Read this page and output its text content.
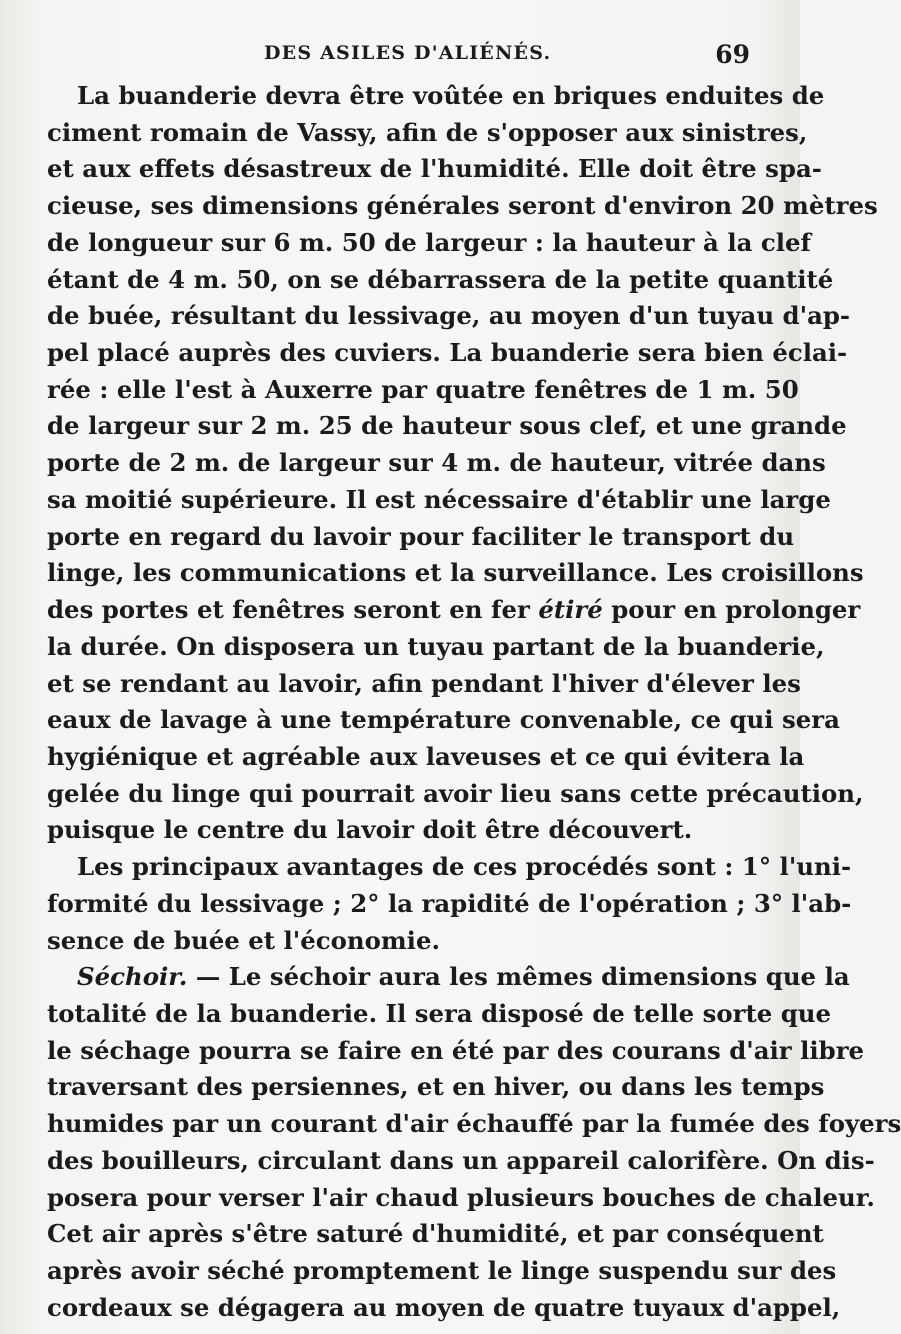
DES ASILES D'ALIÉNÉS.	69
La buanderie devra être voûtée en briques enduites de
ciment romain de Vassy, afin de s'opposer aux sinistres,
et aux effets désastreux de l'humidité. Elle doit être spa-
cieuse, ses dimensions générales seront d'environ 20 mètres
de longueur sur 6 m. 50 de largeur : la hauteur à la clef
étant de 4 m. 50, on se débarrassera de la petite quantité
de buée, résultant du lessivage, au moyen d'un tuyau d'ap-
pel placé auprès des cuviers. La buanderie sera bien éclai-
rée : elle l'est à Auxerre par quatre fenêtres de 1 m. 50
de largeur sur 2 m. 25 de hauteur sous clef, et une grande
porte de 2 m. de largeur sur 4 m. de hauteur, vitrée dans
sa moitié supérieure. Il est nécessaire d'établir une large
porte en regard du lavoir pour faciliter le transport du
linge, les communications et la surveillance. Les croisillons
des portes et fenêtres seront en fer étiré pour en prolonger
la durée. On disposera un tuyau partant de la buanderie,
et se rendant au lavoir, afin pendant l'hiver d'élever les
eaux de lavage à une température convenable, ce qui sera
hygiénique et agréable aux laveuses et ce qui évitera la
gelée du linge qui pourrait avoir lieu sans cette précaution,
puisque le centre du lavoir doit être découvert.
Les principaux avantages de ces procédés sont : 1° l'uni-
formité du lessivage ; 2° la rapidité de l'opération ; 3° l'ab-
sence de buée et l'économie.
Séchoir. — Le séchoir aura les mêmes dimensions que la
totalité de la buanderie. Il sera disposé de telle sorte que
le séchage pourra se faire en été par des courans d'air libre
traversant des persiennes, et en hiver, ou dans les temps
humides par un courant d'air échauffé par la fumée des foyers
des bouilleurs, circulant dans un appareil calorifère. On dis-
posera pour verser l'air chaud plusieurs bouches de chaleur.
Cet air après s'être saturé d'humidité, et par conséquent
après avoir séché promptement le linge suspendu sur des
cordeaux se dégagera au moyen de quatre tuyaux d'appel,
